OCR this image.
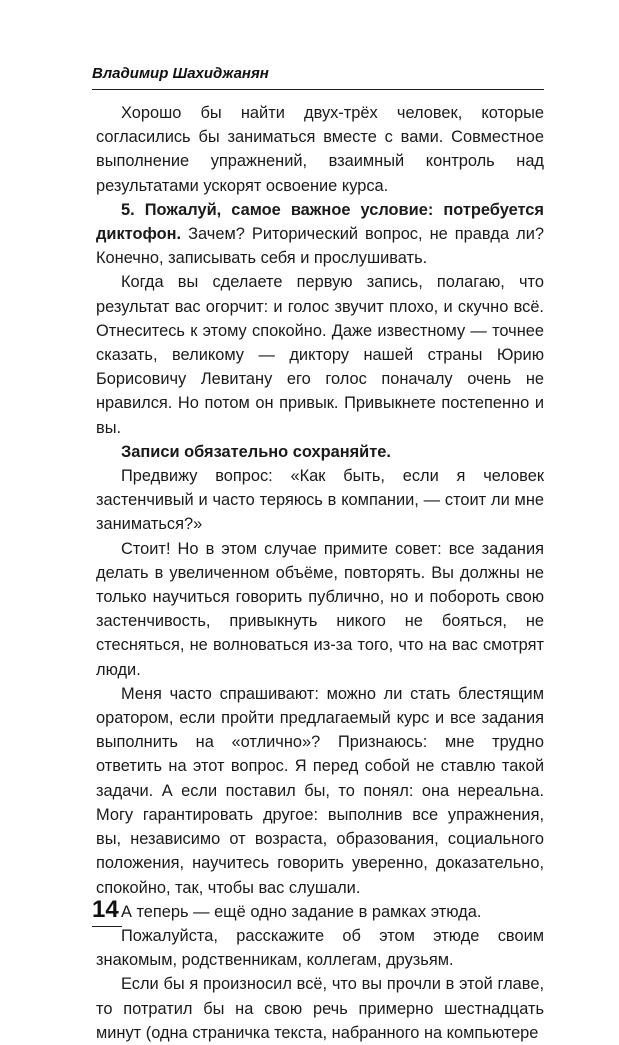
Владимир Шахиджанян

Хорошо бы найти двух-трёх человек, которые согласились бы заниматься вместе с вами. Совместное выполнение упражнений, взаимный контроль над результатами ускорят освоение курса.

5. Пожалуй, самое важное условие: потребуется диктофон. Зачем? Риторический вопрос, не правда ли? Конечно, записывать себя и прослушивать.

Когда вы сделаете первую запись, полагаю, что результат вас огорчит: и голос звучит плохо, и скучно всё. Отнеситесь к этому спокойно. Даже известному — точнее сказать, великому — диктору нашей страны Юрию Борисовичу Левитану его голос поначалу очень не нравился. Но потом он привык. Привыкнете постепенно и вы.

Записи обязательно сохраняйте.

Предвижу вопрос: «Как быть, если я человек застенчивый и часто теряюсь в компании, — стоит ли мне заниматься?»

Стоит! Но в этом случае примите совет: все задания делать в увеличенном объёме, повторять. Вы должны не только научиться говорить публично, но и побороть свою застенчивость, привыкнуть никого не бояться, не стесняться, не волноваться из-за того, что на вас смотрят люди.

Меня часто спрашивают: можно ли стать блестящим оратором, если пройти предлагаемый курс и все задания выполнить на «отлично»? Признаюсь: мне трудно ответить на этот вопрос. Я перед собой не ставлю такой задачи. А если поставил бы, то понял: она нереальна. Могу гарантировать другое: выполнив все упражнения, вы, независимо от возраста, образования, социального положения, научитесь говорить уверенно, доказательно, спокойно, так, чтобы вас слушали.

А теперь — ещё одно задание в рамках этюда.

Пожалуйста, расскажите об этом этюде своим знакомым, родственникам, коллегам, друзьям.

Если бы я произносил всё, что вы прочли в этой главе, то потратил бы на свою речь примерно шестнадцать минут (одна страничка текста, набранного на компьютере

14
